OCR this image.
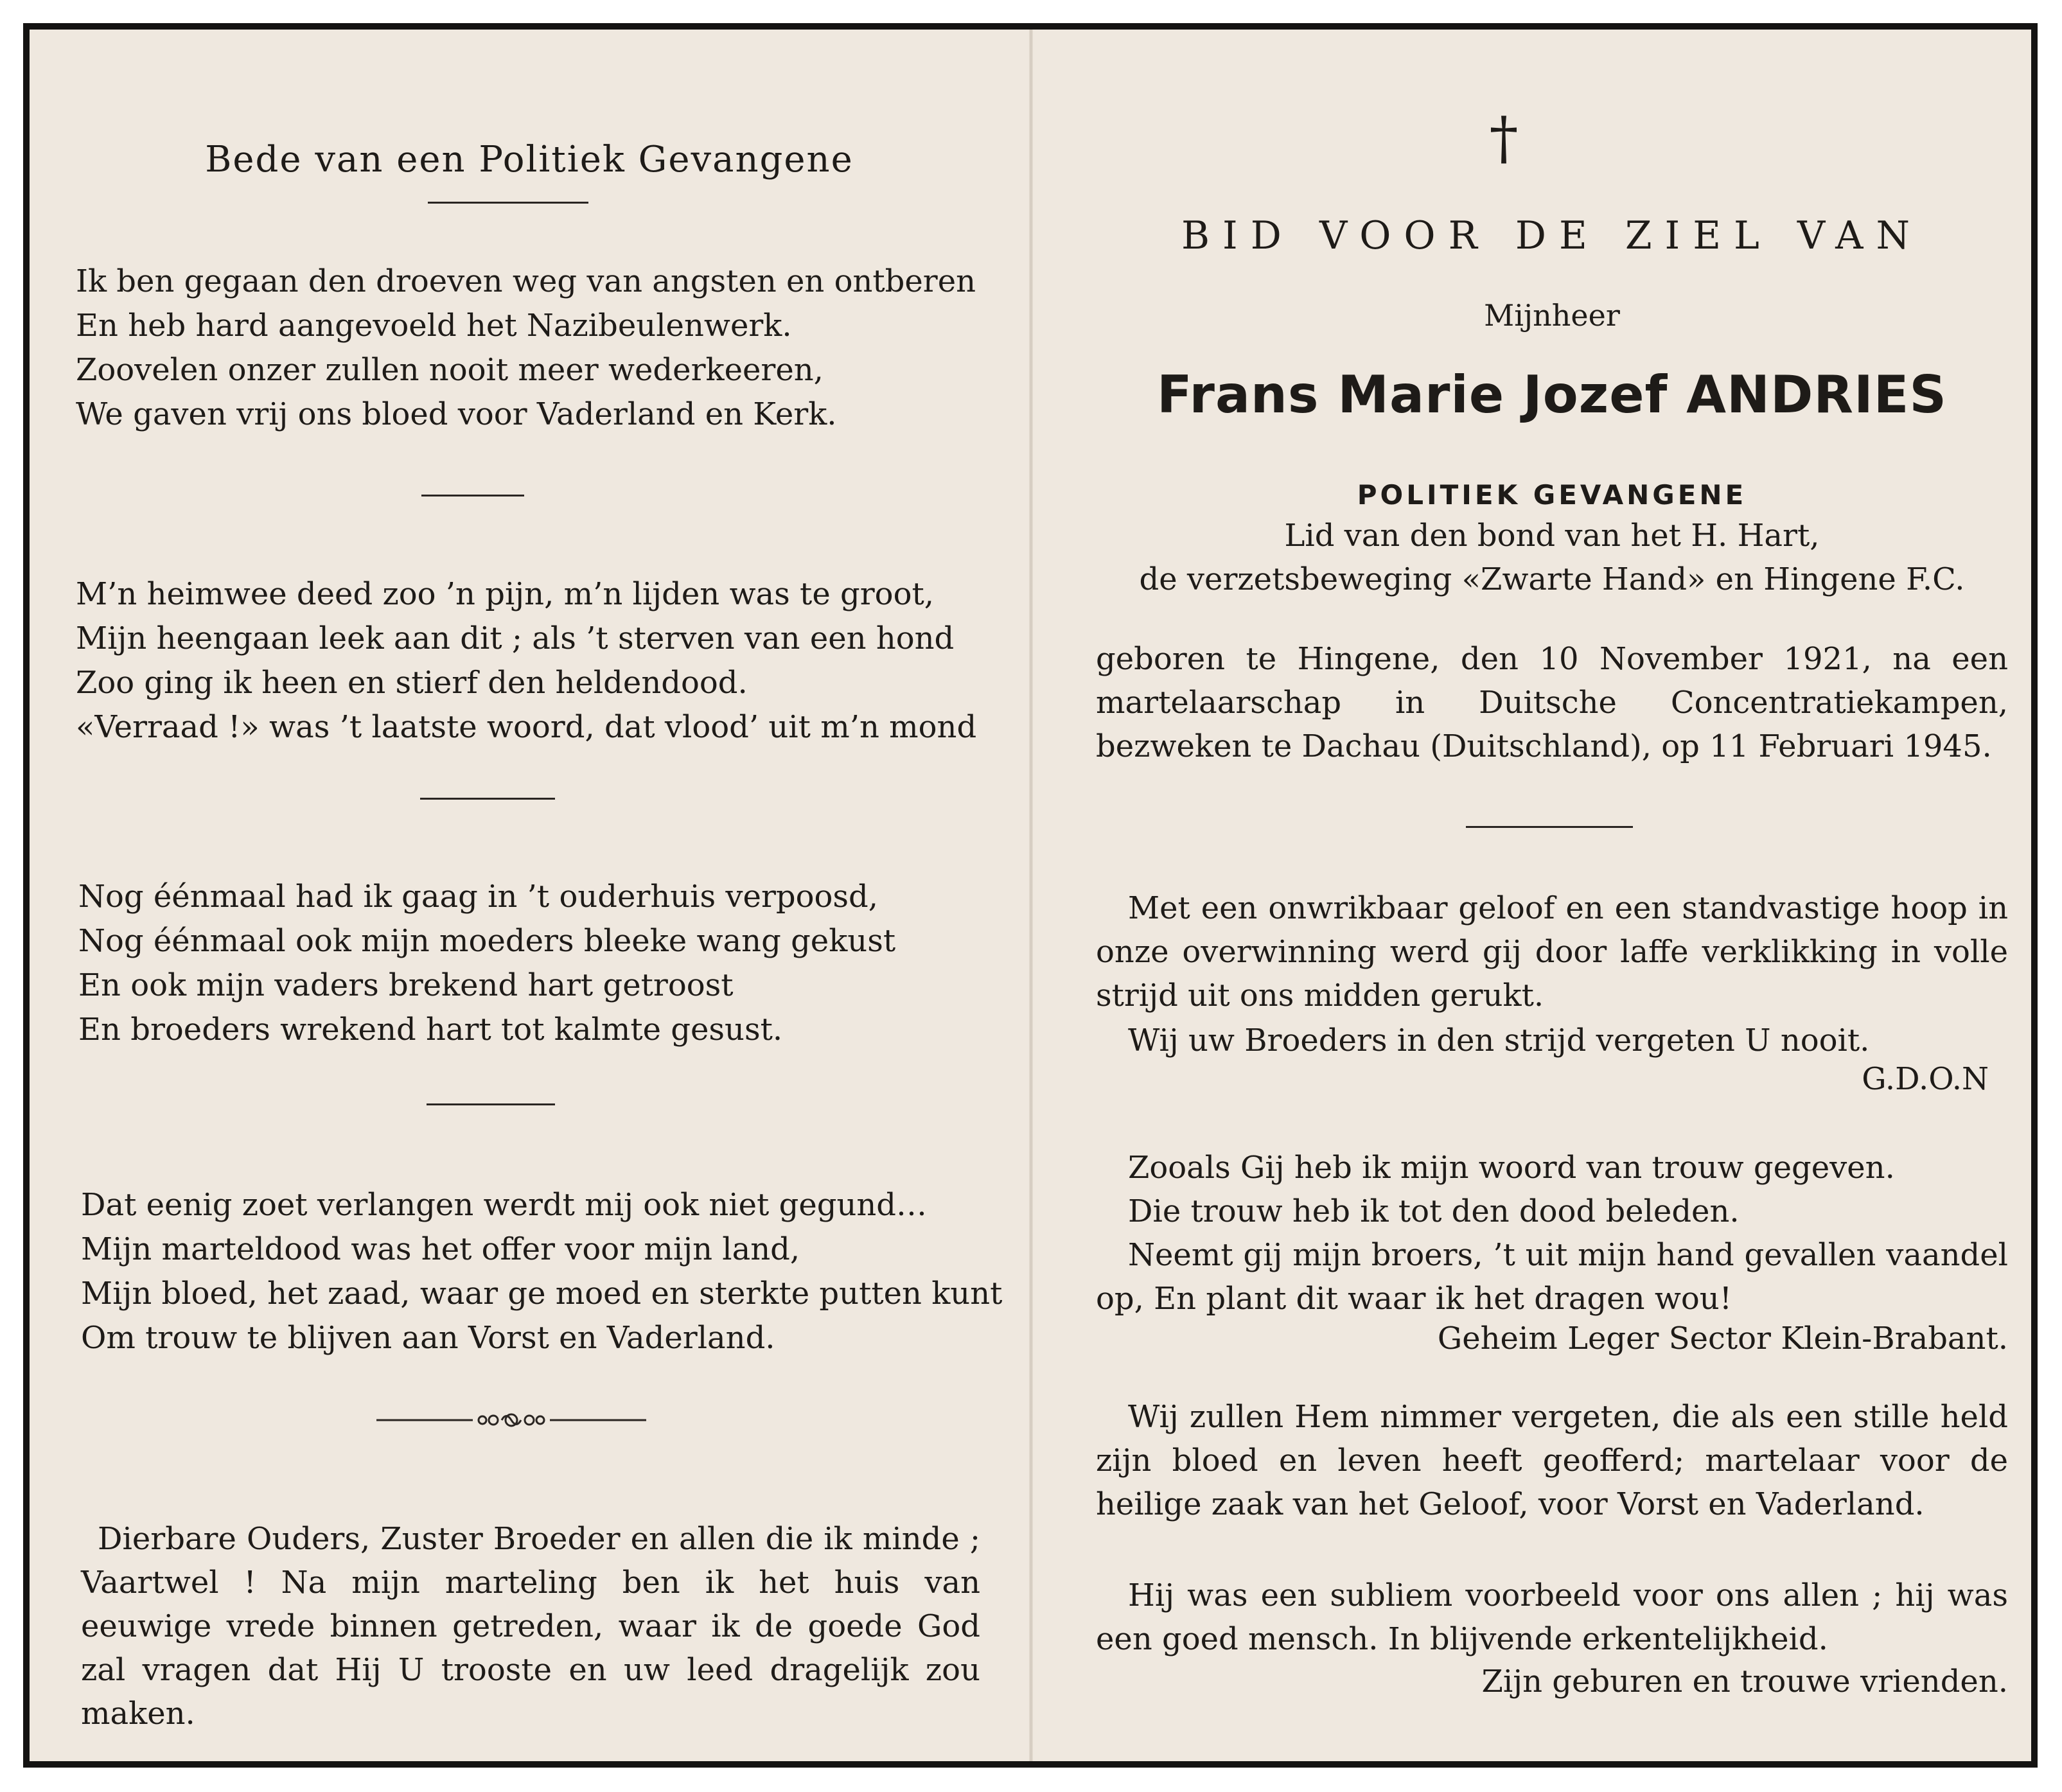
Bede van een Politiek Gevangene

Ik ben gegaan den droeven weg van angsten en ontberen

En heb hard aangevoeld het Nazibeulenwerk.

Zoovelen onzer zullen nooit meer wederkeeren,

We gaven vrij ons bloed voor Vaderland en Kerk.

M’n heimwee deed zoo ’n pijn, m’n lijden was te groot,

Mijn heengaan leek aan dit ; als ’t sterven van een hond

Zoo ging ik heen en stierf den heldendood.

«Verraad !» was ’t laatste woord, dat vlood’ uit m’n mond

Nog éénmaal had ik gaag in ’t ouderhuis verpoosd,

Nog éénmaal ook mijn moeders bleeke wang gekust

En ook mijn vaders brekend hart getroost

En broeders wrekend hart tot kalmte gesust.

Dat eenig zoet verlangen werdt mij ook niet gegund…

Mijn marteldood was het offer voor mijn land,

Mijn bloed, het zaad, waar ge moed en sterkte putten kunt

Om trouw te blijven aan Vorst en Vaderland.

Dierbare Ouders, Zuster Broeder en allen die ik minde ; Vaartwel ! Na mijn marteling ben ik het huis van eeuwige vrede binnen getreden, waar ik de goede God zal vragen dat Hij U trooste en uw leed dragelijk zou maken.
†
BID VOOR DE ZIEL VAN
Mijnheer
Frans Marie Jozef ANDRIES
POLITIEK GEVANGENE
Lid van den bond van het H. Hart,
de verzetsbeweging «Zwarte Hand» en Hingene F.C.
geboren te Hingene, den 10 November 1921, na een martelaarschap in Duitsche Concentratiekampen, bezweken te Dachau (Duitschland), op 11 Februari 1945.
Met een onwrikbaar geloof en een standvastige hoop in onze overwinning werd gij door laffe verklikking in volle strijd uit ons midden gerukt.
Wij uw Broeders in den strijd vergeten U nooit.
G.D.O.N
Zooals Gij heb ik mijn woord van trouw gegeven.
Die trouw heb ik tot den dood beleden.
Neemt gij mijn broers, ’t uit mijn hand gevallen vaandel op, En plant dit waar ik het dragen wou!
Geheim Leger Sector Klein-Brabant.
Wij zullen Hem nimmer vergeten, die als een stille held zijn bloed en leven heeft geofferd; martelaar voor de heilige zaak van het Geloof, voor Vorst en Vaderland.
Hij was een subliem voorbeeld voor ons allen ; hij was een goed mensch. In blijvende erkentelijkheid.
Zijn geburen en trouwe vrienden.
